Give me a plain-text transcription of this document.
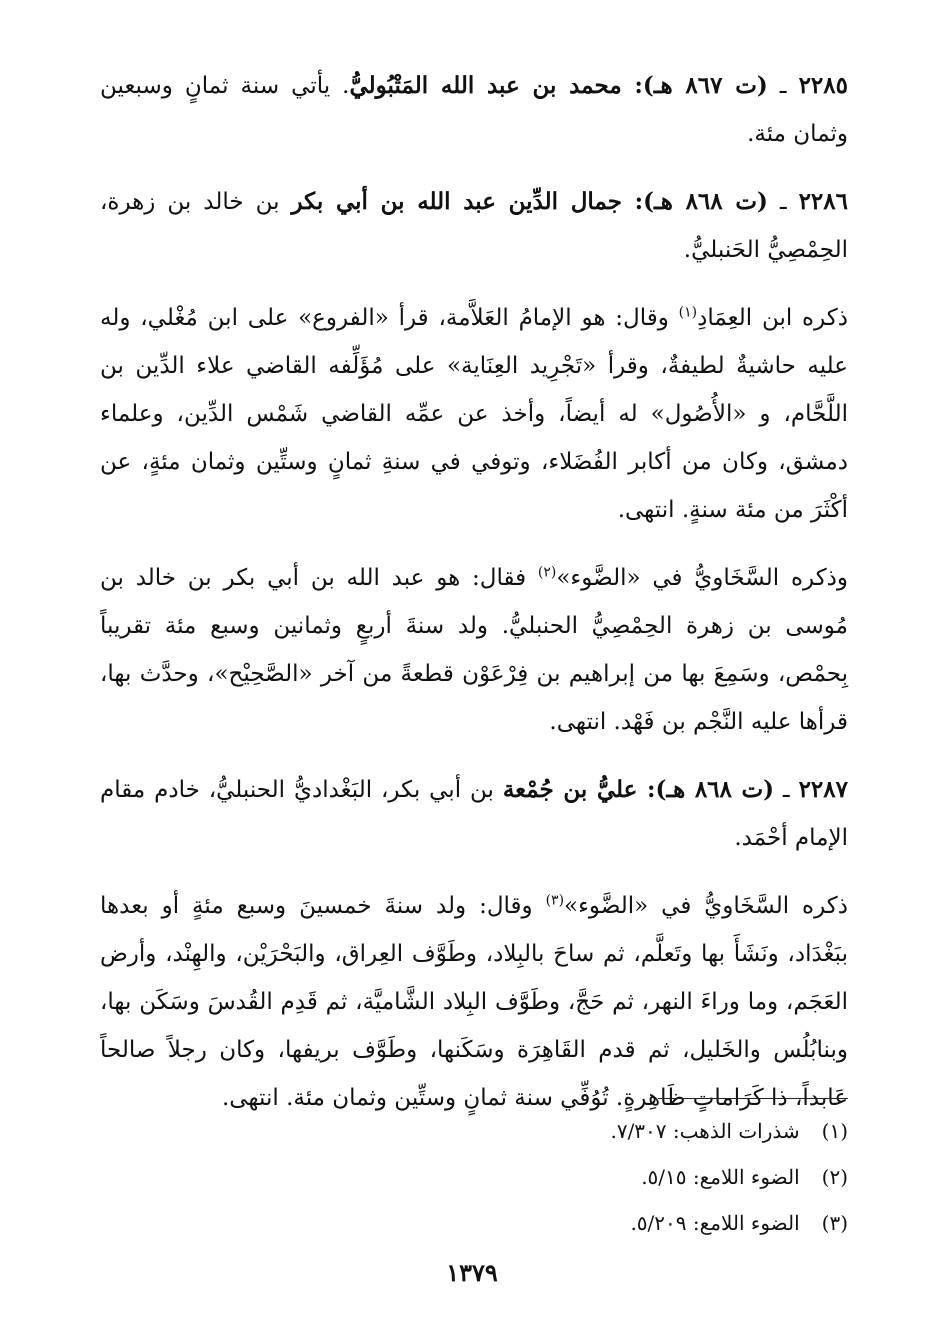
٢٢٨٥ ـ (ت ٨٦٧ هـ): محمد بن عبد الله المَتْبُوليُّ. يأتي سنة ثمانٍ وسبعين وثمان مئة.

٢٢٨٦ ـ (ت ٨٦٨ هـ): جمال الدِّين عبد الله بن أبي بكر بن خالد بن زهرة، الحِمْصِيُّ الحَنبليُّ.

ذكره ابن العِمَادِ$^{(١)}$ وقال: هو الإمامُ العَلاَّمة، قرأ «الفروع» على ابن مُغْلي، وله عليه حاشيةٌ لطيفةٌ، وقرأ «تَجْرِيد العِنَاية» على مُؤَلِّفه القاضي علاء الدِّين بن اللَّحَّام، و «الأُصُول» له أيضاً، وأخذ عن عمِّه القاضي شَمْس الدِّين، وعلماء دمشق، وكان من أكابر الفُضَلاء، وتوفي في سنةِ ثمانٍ وستِّين وثمان مئةٍ، عن أكْثَرَ من مئة سنةٍ. انتهى.

وذكره السَّخَاويُّ في «الضَّوء»$^{(٢)}$ فقال: هو عبد الله بن أبي بكر بن خالد بن مُوسى بن زهرة الحِمْصِيُّ الحنبليُّ. ولد سنةَ أربعٍ وثمانين وسبع مئة تقريباً بِحمْص، وسَمِعَ بها من إبراهيم بن فِرْعَوْن قطعةً من آخر «الصَّحِيْح»، وحدَّث بها، قرأها عليه النَّجْم بن فَهْد. انتهى.

٢٢٨٧ ـ (ت ٨٦٨ هـ): عليُّ بن جُمْعة بن أبي بكر، البَغْداديُّ الحنبليُّ، خادم مقام الإمام أحْمَد.

ذكره السَّخَاويُّ في «الضَّوء»$^{(٣)}$ وقال: ولد سنةَ خمسينَ وسبع مئةٍ أو بعدها ببَغْدَاد، ونَشَأَ بها وتَعلَّم، ثم ساحَ بالبِلاد، وطَوَّف العِراق، والبَحْرَيْن، والهِنْد، وأرض العَجَم، وما وراءَ النهر، ثم حَجَّ، وطَوَّف البِلاد الشَّاميَّة، ثم قَدِم القُدسَ وسَكَن بها، وبنابُلُس والخَليل، ثم قدم القَاهِرَة وسَكَنها، وطَوَّف بريفها، وكان رجلاً صالحاً عَابداً، ذا كَرَاماتٍ ظَاهِرةٍ. تُوُفِّي سنة ثمانٍ وستِّين وثمان مئة. انتهى.

(١) شذرات الذهب: ٧/٣٠٧.

(٢) الضوء اللامع: ٥/١٥.

(٣) الضوء اللامع: ٥/٢٠٩.

١٣٧٩
